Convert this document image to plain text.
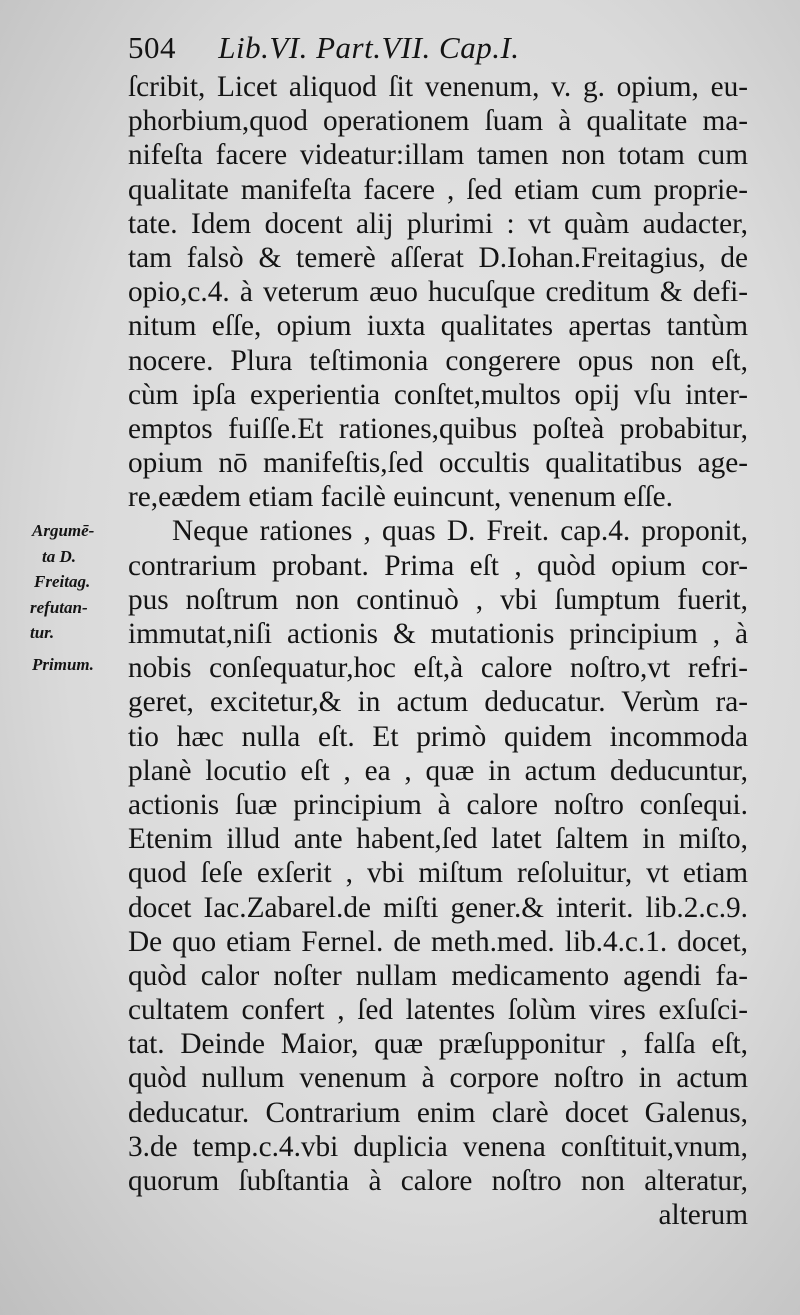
504 Lib.VI. Part.VII. Cap.I.
ſcribit, Licet aliquod ſit venenum, v. g. opium, eu-
phorbium,quod operationem ſuam à qualitate ma-
nifeſta facere videatur:illam tamen non totam cum
qualitate manifeſta facere , ſed etiam cum proprie-
tate. Idem docent alij plurimi : vt quàm audacter,
tam falsò & temerè aſſerat D.Iohan.Freitagius, de
opio,c.4. à veterum æuo hucuſque creditum & defi-
nitum eſſe, opium iuxta qualitates apertas tantùm
nocere. Plura teſtimonia congerere opus non eſt,
cùm ipſa experientia conſtet,multos opij vſu inter-
emptos fuiſſe.Et rationes,quibus poſteà probabitur,
opium nō manifeſtis,ſed occultis qualitatibus age-
re,eædem etiam facilè euincunt, venenum eſſe.
Neque rationes , quas D. Freit. cap.4. proponit,
contrarium probant. Prima eſt , quòd opium cor-
pus noſtrum non continuò , vbi ſumptum fuerit,
immutat,niſi actionis & mutationis principium , à
nobis conſequatur,hoc eſt,à calore noſtro,vt refri-
geret, excitetur,& in actum deducatur. Verùm ra-
tio hæc nulla eſt. Et primò quidem incommoda
planè locutio eſt , ea , quæ in actum deducuntur,
actionis ſuæ principium à calore noſtro conſequi.
Etenim illud ante habent,ſed latet ſaltem in miſto,
quod ſeſe exſerit , vbi miſtum reſoluitur, vt etiam
docet Iac.Zabarel.de miſti gener.& interit. lib.2.c.9.
De quo etiam Fernel. de meth.med. lib.4.c.1. docet,
quòd calor noſter nullam medicamento agendi fa-
cultatem confert , ſed latentes ſolùm vires exſuſci-
tat. Deinde Maior, quæ præſupponitur , falſa eſt,
quòd nullum venenum à corpore noſtro in actum
deducatur. Contrarium enim clarè docet Galenus,
3.de temp.c.4.vbi duplicia venena conſtituit,vnum,
quorum ſubſtantia à calore noſtro non alteratur,
alterum
Argumē-
ta D.
Freitag.
refutan-
tur.
Primum.
